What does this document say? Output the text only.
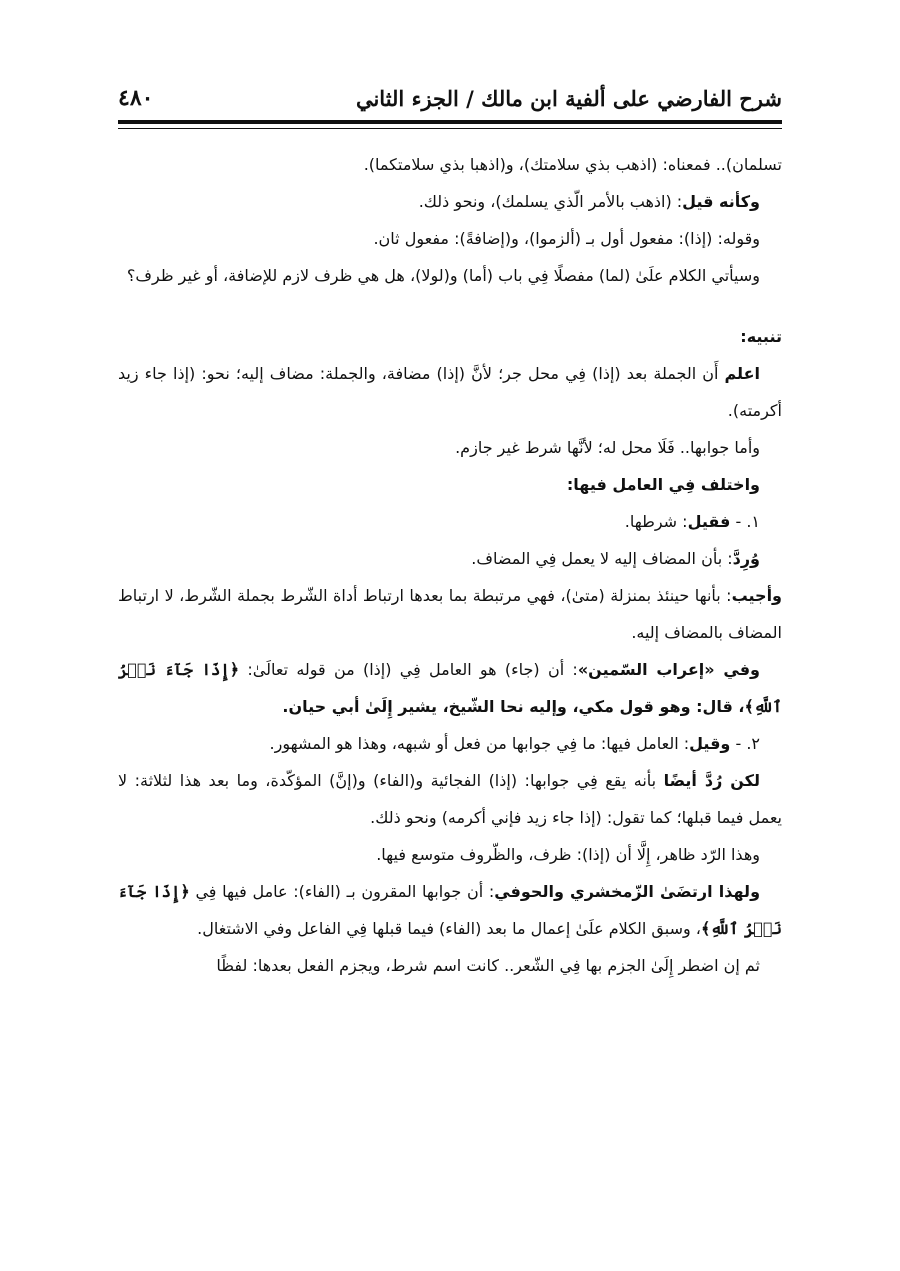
شرح الفارضي على ألفية ابن مالك / الجزء الثاني
٤٨٠

تسلمان).. فمعناه: (اذهب بذي سلامتك)، و(اذهبا بذي سلامتكما).

وكأنه قيل: (اذهب بالأمر الّذي يسلمك)، ونحو ذلك.

وقوله: (إذا): مفعول أول بـ (ألزموا)، و(إضافةً): مفعول ثان.

وسيأتي الكلام علَىٰ (لما) مفصلًا فِي باب (أما) و(لولا)، هل هي ظرف لازم للإضافة، أو غير ظرف؟

تنبيه:

اعلم أَن الجملة بعد (إذا) فِي محل جر؛ لأنَّ (إذا) مضافة، والجملة: مضاف إليه؛ نحو: (إذا جاء زيد أكرمته).

وأما جوابها.. فَلَا محل له؛ لأنَّها شرط غير جازم.

واختلف فِي العامل فيها:

١. - فقيل: شرطها.

وُرِدَّ: بأن المضاف إليه لا يعمل فِي المضاف.

وأجيب: بأنها حينئذ بمنزلة (متىٰ)، فهي مرتبطة بما بعدها ارتباط أداة الشّرط بجملة الشّرط، لا ارتباط المضاف بالمضاف إليه.

وفي «إعراب السّمين»: أن (جاء) هو العامل فِي (إذا) من قوله تعالَىٰ: ﴿إِذَا جَآءَ نَصۡرُ ٱللَّهِ﴾، قال: وهو قول مكي، وإليه نحا الشّيخ، يشير إِلَىٰ أبي حيان.

٢. - وقيل: العامل فيها: ما فِي جوابها من فعل أو شبهه، وهذا هو المشهور.

لكن رُدَّ أيضًا بأنه يقع فِي جوابها: (إذا) الفجائية و(الفاء) و(إنَّ) المؤكّدة، وما بعد هذا لثلاثة: لا يعمل فيما قبلها؛ كما تقول: (إذا جاء زيد فإني أكرمه) ونحو ذلك.

وهذا الرّد ظاهر، إِلَّا أن (إذا): ظرف، والظّروف متوسع فيها.

ولهذا ارتضَىٰ الزّمخشري والحوفي: أن جوابها المقرون بـ (الفاء): عامل فيها فِي ﴿إِذَا جَآءَ نَصۡرُ ٱللَّهِ﴾، وسبق الكلام علَىٰ إعمال ما بعد (الفاء) فيما قبلها فِي الفاعل وفي الاشتغال.

ثم إن اضطر إِلَىٰ الجزم بها فِي الشّعر.. كانت اسم شرط، ويجزم الفعل بعدها: لفظًا
